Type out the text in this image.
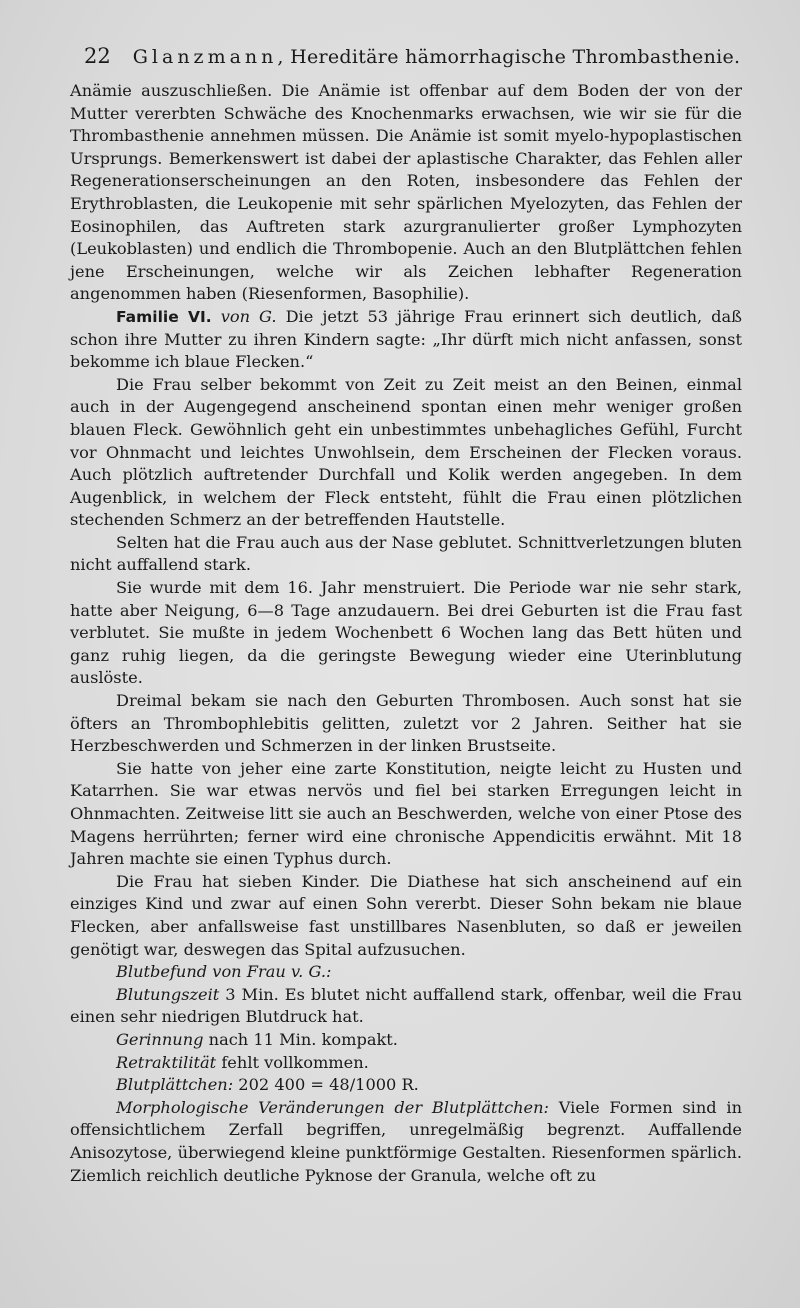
22 Glanzmann, Hereditäre hämorrhagische Thrombasthenie.

Anämie auszuschließen. Die Anämie ist offenbar auf dem Boden der von der Mutter vererbten Schwäche des Knochenmarks erwachsen, wie wir sie für die Thrombasthenie annehmen müssen. Die Anämie ist somit myelo-hypoplastischen Ursprungs. Bemerkenswert ist dabei der aplastische Charakter, das Fehlen aller Regenerationserscheinungen an den Roten, insbesondere das Fehlen der Erythroblasten, die Leukopenie mit sehr spärlichen Myelozyten, das Fehlen der Eosinophilen, das Auftreten stark azurgranulierter großer Lymphozyten (Leukoblasten) und endlich die Thrombopenie. Auch an den Blutplättchen fehlen jene Erscheinungen, welche wir als Zeichen lebhafter Regeneration angenommen haben (Riesenformen, Basophilie).

Familie VI. von G. Die jetzt 53 jährige Frau erinnert sich deutlich, daß schon ihre Mutter zu ihren Kindern sagte: „Ihr dürft mich nicht anfassen, sonst bekomme ich blaue Flecken.“

Die Frau selber bekommt von Zeit zu Zeit meist an den Beinen, einmal auch in der Augengegend anscheinend spontan einen mehr weniger großen blauen Fleck. Gewöhnlich geht ein unbestimmtes unbehagliches Gefühl, Furcht vor Ohnmacht und leichtes Unwohlsein, dem Erscheinen der Flecken voraus. Auch plötzlich auftretender Durchfall und Kolik werden angegeben. In dem Augenblick, in welchem der Fleck entsteht, fühlt die Frau einen plötzlichen stechenden Schmerz an der betreffenden Hautstelle.

Selten hat die Frau auch aus der Nase geblutet. Schnittverletzungen bluten nicht auffallend stark.

Sie wurde mit dem 16. Jahr menstruiert. Die Periode war nie sehr stark, hatte aber Neigung, 6—8 Tage anzudauern. Bei drei Geburten ist die Frau fast verblutet. Sie mußte in jedem Wochenbett 6 Wochen lang das Bett hüten und ganz ruhig liegen, da die geringste Bewegung wieder eine Uterinblutung auslöste.

Dreimal bekam sie nach den Geburten Thrombosen. Auch sonst hat sie öfters an Thrombophlebitis gelitten, zuletzt vor 2 Jahren. Seither hat sie Herzbeschwerden und Schmerzen in der linken Brustseite.

Sie hatte von jeher eine zarte Konstitution, neigte leicht zu Husten und Katarrhen. Sie war etwas nervös und fiel bei starken Erregungen leicht in Ohnmachten. Zeitweise litt sie auch an Beschwerden, welche von einer Ptose des Magens herrührten; ferner wird eine chronische Appendicitis erwähnt. Mit 18 Jahren machte sie einen Typhus durch.

Die Frau hat sieben Kinder. Die Diathese hat sich anscheinend auf ein einziges Kind und zwar auf einen Sohn vererbt. Dieser Sohn bekam nie blaue Flecken, aber anfallsweise fast unstillbares Nasenbluten, so daß er jeweilen genötigt war, deswegen das Spital aufzusuchen.

Blutbefund von Frau v. G.:

Blutungszeit 3 Min. Es blutet nicht auffallend stark, offenbar, weil die Frau einen sehr niedrigen Blutdruck hat.

Gerinnung nach 11 Min. kompakt.

Retraktilität fehlt vollkommen.

Blutplättchen: 202 400 = 48/1000 R.

Morphologische Veränderungen der Blutplättchen: Viele Formen sind in offensichtlichem Zerfall begriffen, unregelmäßig begrenzt. Auffallende Anisozytose, überwiegend kleine punktförmige Gestalten. Riesenformen spärlich. Ziemlich reichlich deutliche Pyknose der Granula, welche oft zu
